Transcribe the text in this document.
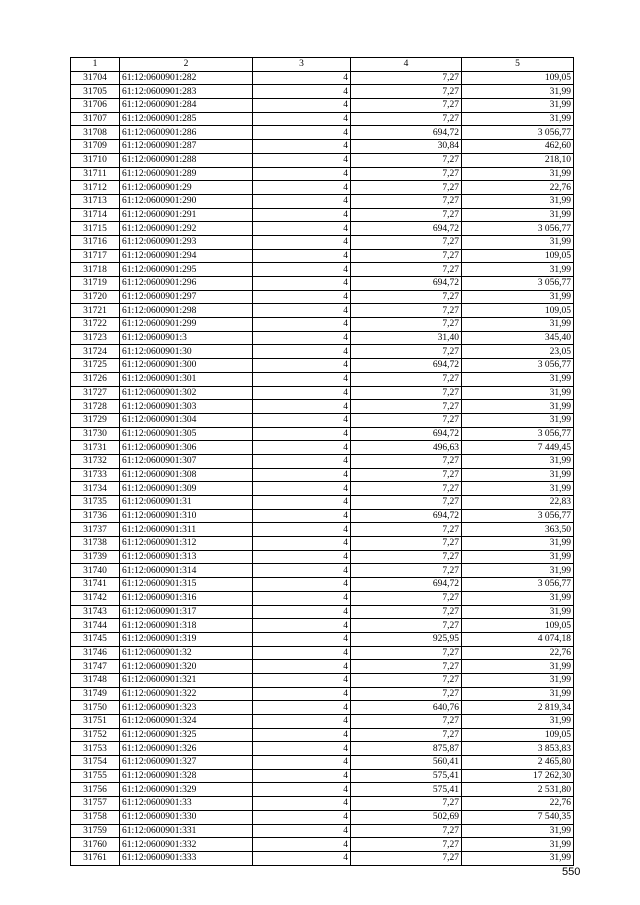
1	2	3	4	5
31704	61:12:0600901:282	4	7,27	109,05
31705	61:12:0600901:283	4	7,27	31,99
31706	61:12:0600901:284	4	7,27	31,99
31707	61:12:0600901:285	4	7,27	31,99
31708	61:12:0600901:286	4	694,72	3 056,77
31709	61:12:0600901:287	4	30,84	462,60
31710	61:12:0600901:288	4	7,27	218,10
31711	61:12:0600901:289	4	7,27	31,99
31712	61:12:0600901:29	4	7,27	22,76
31713	61:12:0600901:290	4	7,27	31,99
31714	61:12:0600901:291	4	7,27	31,99
31715	61:12:0600901:292	4	694,72	3 056,77
31716	61:12:0600901:293	4	7,27	31,99
31717	61:12:0600901:294	4	7,27	109,05
31718	61:12:0600901:295	4	7,27	31,99
31719	61:12:0600901:296	4	694,72	3 056,77
31720	61:12:0600901:297	4	7,27	31,99
31721	61:12:0600901:298	4	7,27	109,05
31722	61:12:0600901:299	4	7,27	31,99
31723	61:12:0600901:3	4	31,40	345,40
31724	61:12:0600901:30	4	7,27	23,05
31725	61:12:0600901:300	4	694,72	3 056,77
31726	61:12:0600901:301	4	7,27	31,99
31727	61:12:0600901:302	4	7,27	31,99
31728	61:12:0600901:303	4	7,27	31,99
31729	61:12:0600901:304	4	7,27	31,99
31730	61:12:0600901:305	4	694,72	3 056,77
31731	61:12:0600901:306	4	496,63	7 449,45
31732	61:12:0600901:307	4	7,27	31,99
31733	61:12:0600901:308	4	7,27	31,99
31734	61:12:0600901:309	4	7,27	31,99
31735	61:12:0600901:31	4	7,27	22,83
31736	61:12:0600901:310	4	694,72	3 056,77
31737	61:12:0600901:311	4	7,27	363,50
31738	61:12:0600901:312	4	7,27	31,99
31739	61:12:0600901:313	4	7,27	31,99
31740	61:12:0600901:314	4	7,27	31,99
31741	61:12:0600901:315	4	694,72	3 056,77
31742	61:12:0600901:316	4	7,27	31,99
31743	61:12:0600901:317	4	7,27	31,99
31744	61:12:0600901:318	4	7,27	109,05
31745	61:12:0600901:319	4	925,95	4 074,18
31746	61:12:0600901:32	4	7,27	22,76
31747	61:12:0600901:320	4	7,27	31,99
31748	61:12:0600901:321	4	7,27	31,99
31749	61:12:0600901:322	4	7,27	31,99
31750	61:12:0600901:323	4	640,76	2 819,34
31751	61:12:0600901:324	4	7,27	31,99
31752	61:12:0600901:325	4	7,27	109,05
31753	61:12:0600901:326	4	875,87	3 853,83
31754	61:12:0600901:327	4	560,41	2 465,80
31755	61:12:0600901:328	4	575,41	17 262,30
31756	61:12:0600901:329	4	575,41	2 531,80
31757	61:12:0600901:33	4	7,27	22,76
31758	61:12:0600901:330	4	502,69	7 540,35
31759	61:12:0600901:331	4	7,27	31,99
31760	61:12:0600901:332	4	7,27	31,99
31761	61:12:0600901:333	4	7,27	31,99
550
